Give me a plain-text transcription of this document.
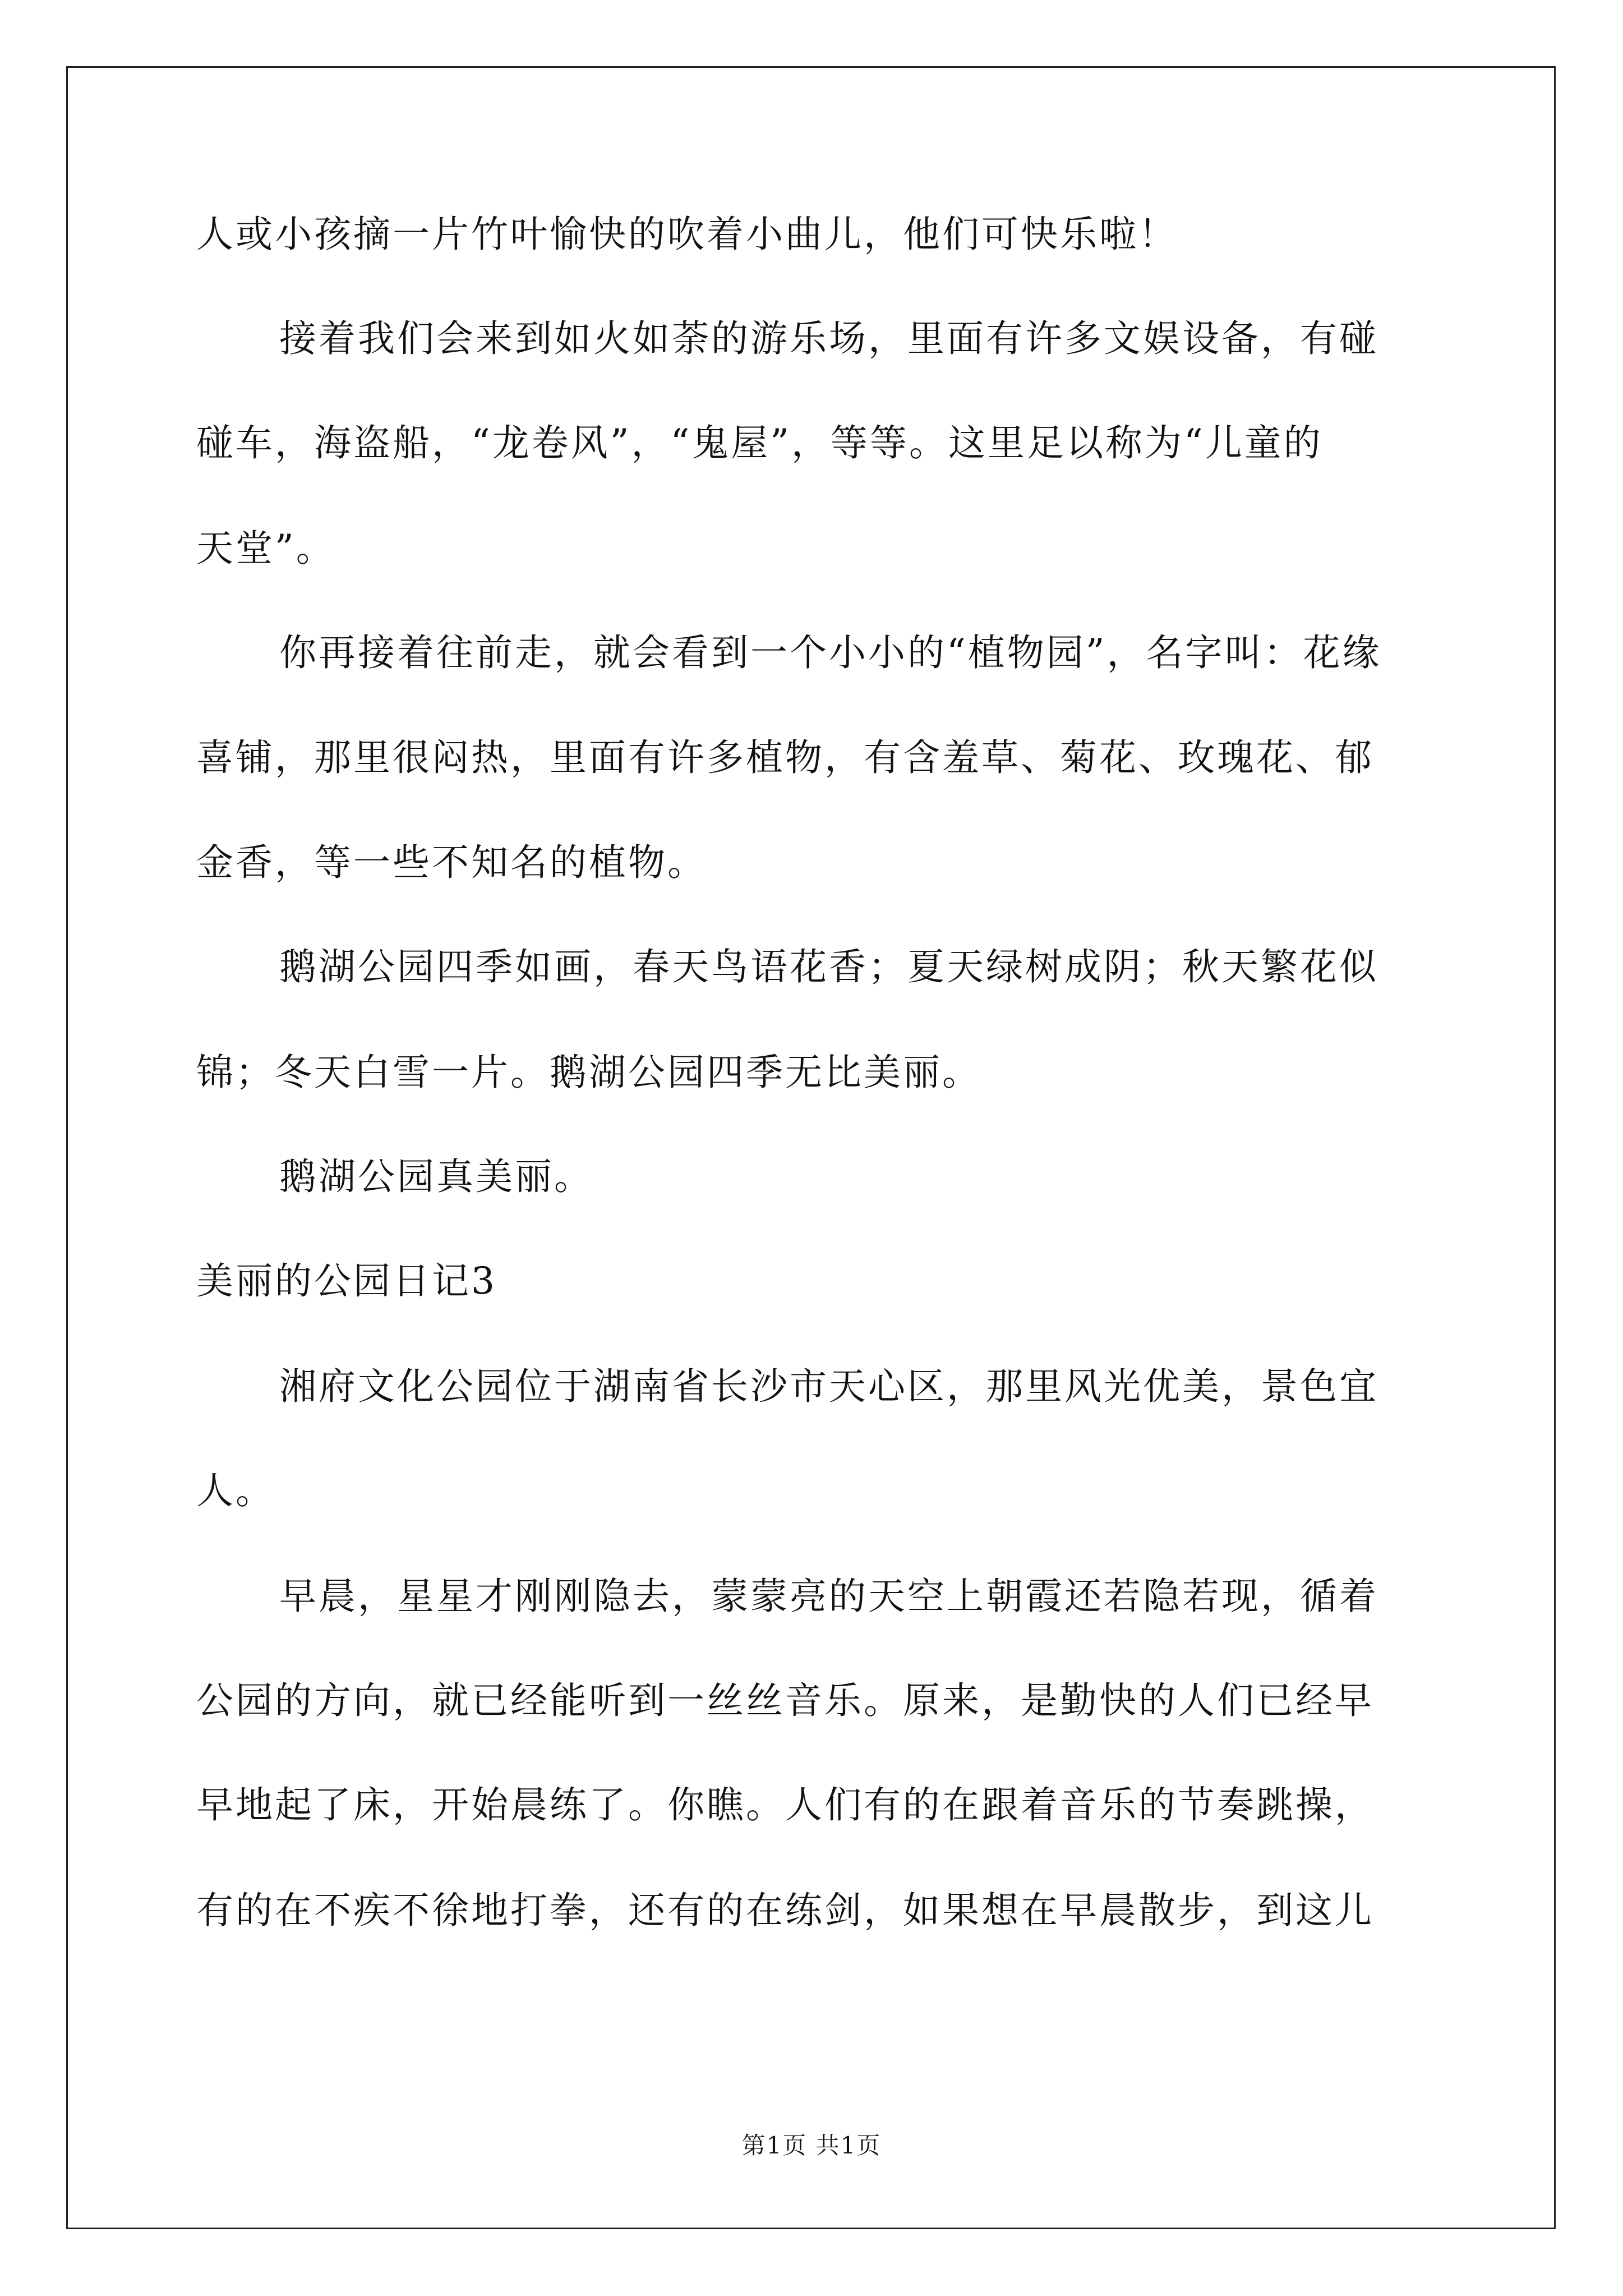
人或小孩摘一片竹叶愉快的吹着小曲儿，他们可快乐啦！
接着我们会来到如火如荼的游乐场，里面有许多文娱设备，有碰
碰车，海盗船，“龙卷风”，“鬼屋”，等等。这里足以称为“儿童的
天堂”。
你再接着往前走，就会看到一个小小的“植物园”，名字叫：花缘
喜铺，那里很闷热，里面有许多植物，有含羞草、菊花、玫瑰花、郁
金香，等一些不知名的植物。
鹅湖公园四季如画，春天鸟语花香；夏天绿树成阴；秋天繁花似
锦；冬天白雪一片。鹅湖公园四季无比美丽。
鹅湖公园真美丽。
美丽的公园日记3
湘府文化公园位于湖南省长沙市天心区，那里风光优美，景色宜
人。
早晨，星星才刚刚隐去，蒙蒙亮的天空上朝霞还若隐若现，循着
公园的方向，就已经能听到一丝丝音乐。原来，是勤快的人们已经早
早地起了床，开始晨练了。你瞧。人们有的在跟着音乐的节奏跳操，
有的在不疾不徐地打拳，还有的在练剑，如果想在早晨散步，到这儿
第1页 共1页
